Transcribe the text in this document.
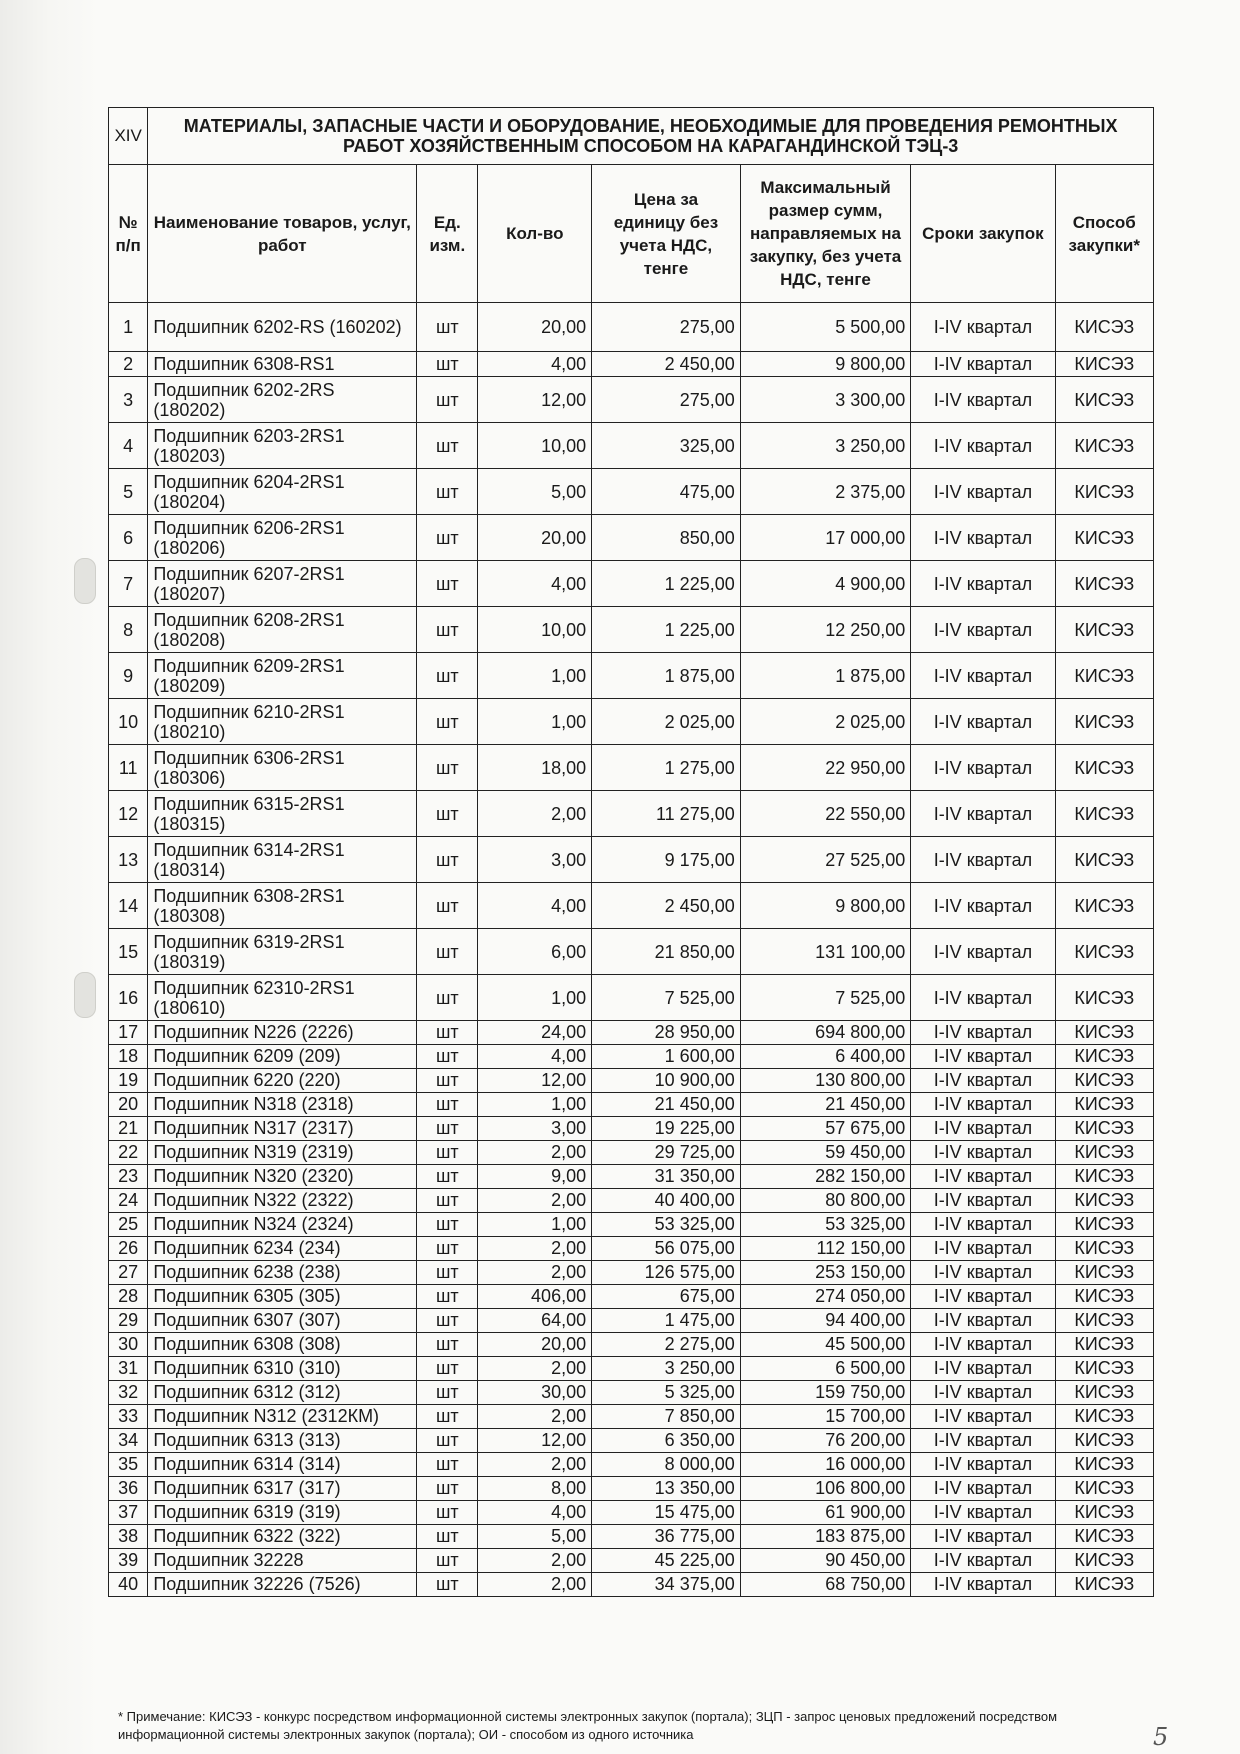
XIV	МАТЕРИАЛЫ, ЗАПАСНЫЕ ЧАСТИ И ОБОРУДОВАНИЕ, НЕОБХОДИМЫЕ ДЛЯ ПРОВЕДЕНИЯ РЕМОНТНЫХ РАБОТ ХОЗЯЙСТВЕННЫМ СПОСОБОМ НА КАРАГАНДИНСКОЙ ТЭЦ-3						
№ п/п	Наименование товаров, услуг, работ	Ед. изм.	Кол-во	Цена за единицу без учета НДС, тенге	Максимальный размер сумм, направляемых на закупку, без учета НДС, тенге	Сроки закупок	Способ закупки*
1	Подшипник 6202-RS (160202)	шт	20,00	275,00	5 500,00	I-IV квартал	КИСЭЗ
2	Подшипник 6308-RS1	шт	4,00	2 450,00	9 800,00	I-IV квартал	КИСЭЗ
3	Подшипник 6202-2RS (180202)	шт	12,00	275,00	3 300,00	I-IV квартал	КИСЭЗ
4	Подшипник 6203-2RS1 (180203)	шт	10,00	325,00	3 250,00	I-IV квартал	КИСЭЗ
5	Подшипник 6204-2RS1 (180204)	шт	5,00	475,00	2 375,00	I-IV квартал	КИСЭЗ
6	Подшипник 6206-2RS1 (180206)	шт	20,00	850,00	17 000,00	I-IV квартал	КИСЭЗ
7	Подшипник 6207-2RS1 (180207)	шт	4,00	1 225,00	4 900,00	I-IV квартал	КИСЭЗ
8	Подшипник 6208-2RS1 (180208)	шт	10,00	1 225,00	12 250,00	I-IV квартал	КИСЭЗ
9	Подшипник 6209-2RS1 (180209)	шт	1,00	1 875,00	1 875,00	I-IV квартал	КИСЭЗ
10	Подшипник 6210-2RS1 (180210)	шт	1,00	2 025,00	2 025,00	I-IV квартал	КИСЭЗ
11	Подшипник 6306-2RS1 (180306)	шт	18,00	1 275,00	22 950,00	I-IV квартал	КИСЭЗ
12	Подшипник 6315-2RS1 (180315)	шт	2,00	11 275,00	22 550,00	I-IV квартал	КИСЭЗ
13	Подшипник 6314-2RS1 (180314)	шт	3,00	9 175,00	27 525,00	I-IV квартал	КИСЭЗ
14	Подшипник 6308-2RS1 (180308)	шт	4,00	2 450,00	9 800,00	I-IV квартал	КИСЭЗ
15	Подшипник 6319-2RS1 (180319)	шт	6,00	21 850,00	131 100,00	I-IV квартал	КИСЭЗ
16	Подшипник 62310-2RS1 (180610)	шт	1,00	7 525,00	7 525,00	I-IV квартал	КИСЭЗ
17	Подшипник N226 (2226)	шт	24,00	28 950,00	694 800,00	I-IV квартал	КИСЭЗ
18	Подшипник 6209 (209)	шт	4,00	1 600,00	6 400,00	I-IV квартал	КИСЭЗ
19	Подшипник 6220 (220)	шт	12,00	10 900,00	130 800,00	I-IV квартал	КИСЭЗ
20	Подшипник N318 (2318)	шт	1,00	21 450,00	21 450,00	I-IV квартал	КИСЭЗ
21	Подшипник N317 (2317)	шт	3,00	19 225,00	57 675,00	I-IV квартал	КИСЭЗ
22	Подшипник N319 (2319)	шт	2,00	29 725,00	59 450,00	I-IV квартал	КИСЭЗ
23	Подшипник N320 (2320)	шт	9,00	31 350,00	282 150,00	I-IV квартал	КИСЭЗ
24	Подшипник N322 (2322)	шт	2,00	40 400,00	80 800,00	I-IV квартал	КИСЭЗ
25	Подшипник N324 (2324)	шт	1,00	53 325,00	53 325,00	I-IV квартал	КИСЭЗ
26	Подшипник 6234 (234)	шт	2,00	56 075,00	112 150,00	I-IV квартал	КИСЭЗ
27	Подшипник 6238 (238)	шт	2,00	126 575,00	253 150,00	I-IV квартал	КИСЭЗ
28	Подшипник 6305 (305)	шт	406,00	675,00	274 050,00	I-IV квартал	КИСЭЗ
29	Подшипник 6307 (307)	шт	64,00	1 475,00	94 400,00	I-IV квартал	КИСЭЗ
30	Подшипник 6308 (308)	шт	20,00	2 275,00	45 500,00	I-IV квартал	КИСЭЗ
31	Подшипник 6310 (310)	шт	2,00	3 250,00	6 500,00	I-IV квартал	КИСЭЗ
32	Подшипник 6312 (312)	шт	30,00	5 325,00	159 750,00	I-IV квартал	КИСЭЗ
33	Подшипник N312 (2312КМ)	шт	2,00	7 850,00	15 700,00	I-IV квартал	КИСЭЗ
34	Подшипник 6313 (313)	шт	12,00	6 350,00	76 200,00	I-IV квартал	КИСЭЗ
35	Подшипник 6314 (314)	шт	2,00	8 000,00	16 000,00	I-IV квартал	КИСЭЗ
36	Подшипник 6317 (317)	шт	8,00	13 350,00	106 800,00	I-IV квартал	КИСЭЗ
37	Подшипник 6319 (319)	шт	4,00	15 475,00	61 900,00	I-IV квартал	КИСЭЗ
38	Подшипник 6322 (322)	шт	5,00	36 775,00	183 875,00	I-IV квартал	КИСЭЗ
39	Подшипник 32228	шт	2,00	45 225,00	90 450,00	I-IV квартал	КИСЭЗ
40	Подшипник 32226 (7526)	шт	2,00	34 375,00	68 750,00	I-IV квартал	КИСЭЗ
* Примечание: КИСЭЗ - конкурс посредством информационной системы электронных закупок (портала); ЗЦП - запрос ценовых предложений посредством информационной системы электронных закупок (портала); ОИ - способом из одного источника	5
